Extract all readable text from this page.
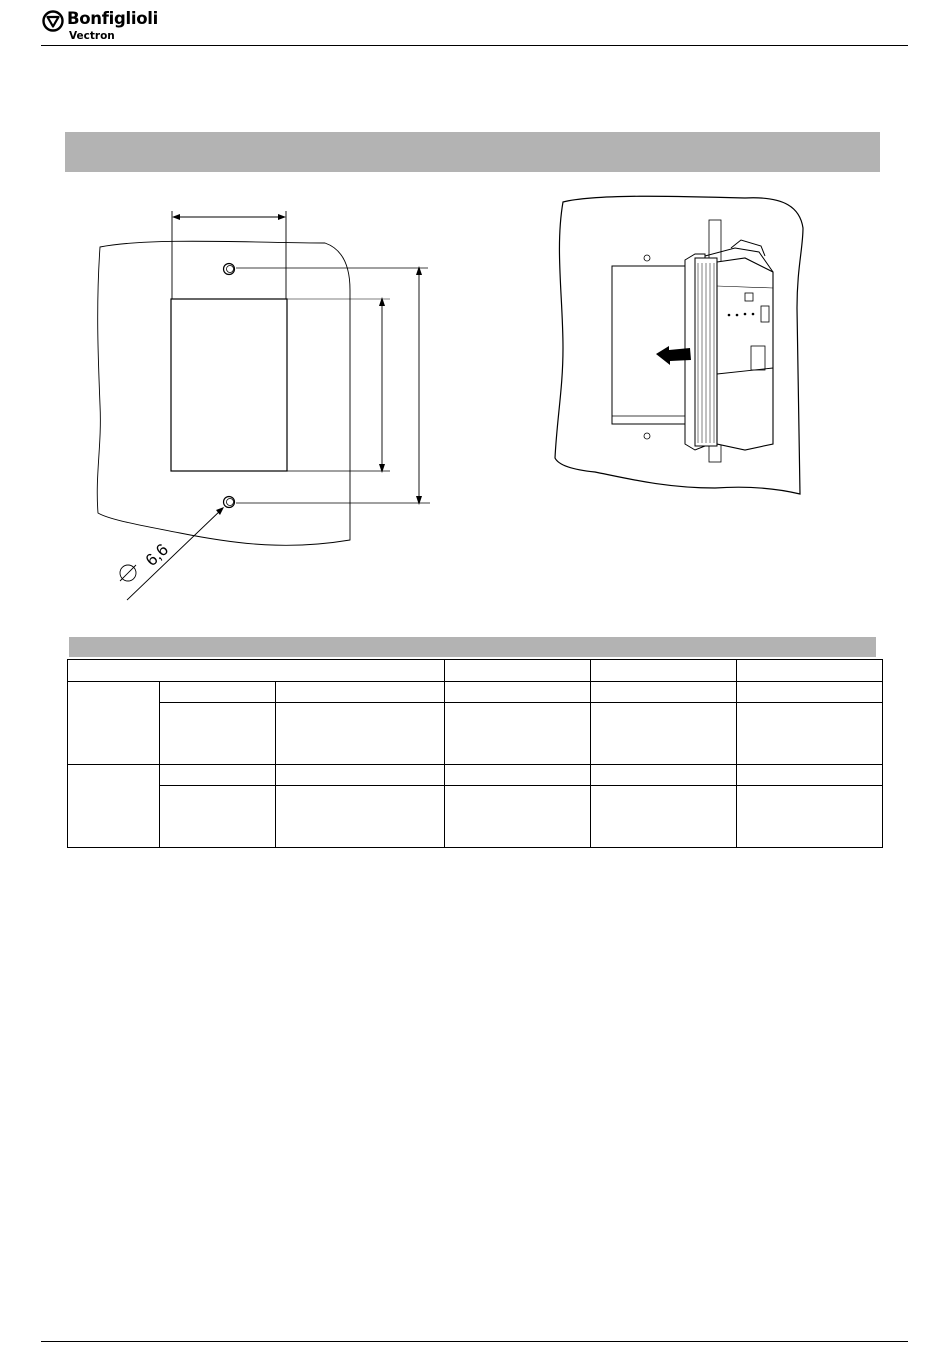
Bonfiglioli
Vectron
6,6
